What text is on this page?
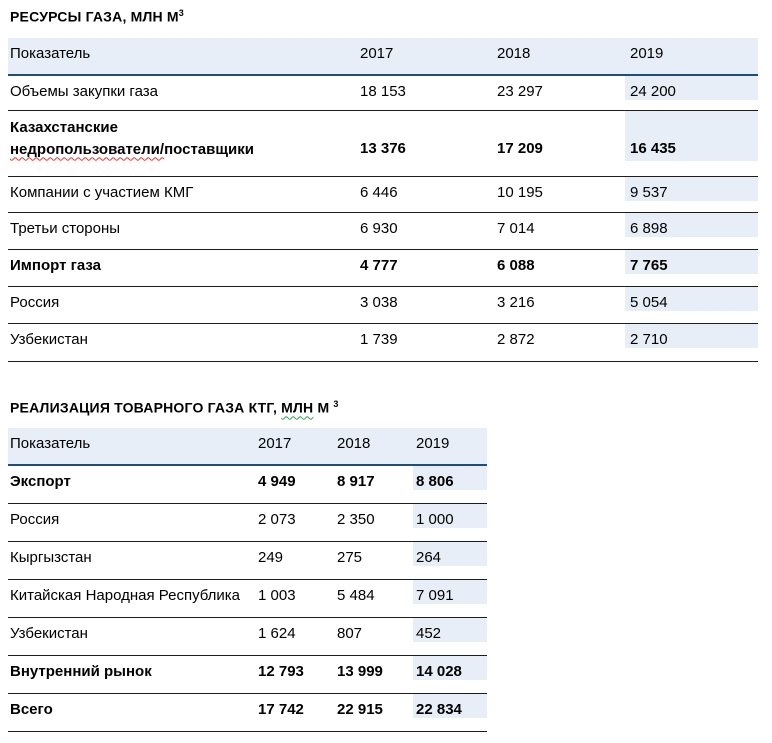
РЕСУРСЫ ГАЗА, МЛН $М^3$
Показатель	2017	2018	2019
Объемы закупки газа	18 153	23 297	24 200
Казахстанские
недропользователи/поставщики	13 376	17 209	16 435
Компании с участием КМГ	6 446	10 195	9 537
Третьи стороны	6 930	7 014	6 898
Импорт газа	4 777	6 088	7 765
Россия	3 038	3 216	5 054
Узбекистан	1 739	2 872	2 710
РЕАЛИЗАЦИЯ ТОВАРНОГО ГАЗА КТГ, МЛН М $^3$
Показатель	2017	2018	2019
Экспорт	4 949	8 917	8 806
Россия	2 073	2 350	1 000
Кыргызстан	249	275	264
Китайская Народная Республика	1 003	5 484	7 091
Узбекистан	1 624	807	452
Внутренний рынок	12 793	13 999	14 028
Всего	17 742	22 915	22 834
